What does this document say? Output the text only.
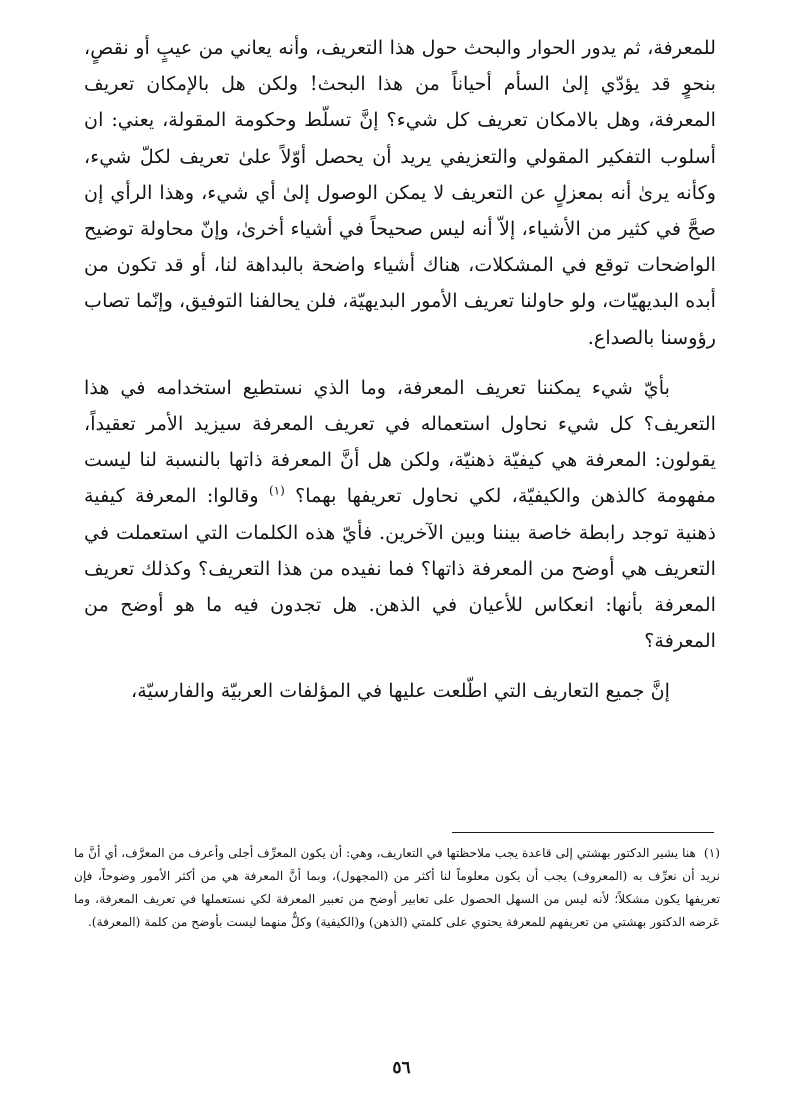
للمعرفة، ثم يدور الحوار والبحث حول هذا التعريف، وأنه يعاني من عيبٍ أو نقصٍ، بنحوٍ قد يؤدّي إلىٰ السأم أحياناً من هذا البحث! ولكن هل بالإمكان تعريف المعرفة، وهل بالامكان تعريف كل شيء؟ إنَّ تسلّط وحكومة المقولة، يعني: ان أسلوب التفكير المقولي والتعزيفي يريد أن يحصل أوّلاً علىٰ تعريف لكلّ شيء، وكأنه يرىٰ أنه بمعزلٍ عن التعريف لا يمكن الوصول إلىٰ أي شيء، وهذا الرأي إن صحَّ في كثير من الأشياء، إلاّ أنه ليس صحيحاً في أشياء أخرىٰ، وإنّ محاولة توضيح الواضحات توقع في المشكلات، هناك أشياء واضحة بالبداهة لنا، أو قد تكون من أبده البديهيّات، ولو حاولنا تعريف الأمور البديهيّة، فلن يحالفنا التوفيق، وإنّما تصاب رؤوسنا بالصداع.

بأيّ شيء يمكننا تعريف المعرفة، وما الذي نستطيع استخدامه في هذا التعريف؟ كل شيء نحاول استعماله في تعريف المعرفة سيزيد الأمر تعقيداً، يقولون: المعرفة هي كيفيّة ذهنيّة، ولكن هل أنَّ المعرفة ذاتها بالنسبة لنا ليست مفهومة كالذهن والكيفيّة، لكي نحاول تعريفها بهما؟ $^{(١)}$ وقالوا: المعرفة كيفية ذهنية توجد رابطة خاصة بيننا وبين الآخرين. فأيّ هذه الكلمات التي استعملت في التعريف هي أوضح من المعرفة ذاتها؟ فما نفيده من هذا التعريف؟ وكذلك تعريف المعرفة بأنها: انعكاس للأعيان في الذهن. هل تجدون فيه ما هو أوضح من المعرفة؟

إنَّ جميع التعاريف التي اطّلعت عليها في المؤلفات العربيّة والفارسيّة،

(١)هنا يشير الدكتور بهشتي إلى قاعدة يجب ملاحظتها في التعاريف، وهي: أن يكون المعرِّف أجلى وأعرف من المعرَّف، أي أنَّ ما نريد أن نعرِّف به (المعروف) يجب أن يكون معلوماً لنا أكثر من (المجهول)، وبما أنَّ المعرفة هي من أكثر الأمور وضوحاً، فإن تعريفها يكون مشكلاً؛ لأنه ليس من السهل الحصول على تعابير أوضح من تعبير المعرفة لكي نستعملها في تعريف المعرفة، وما عَرضه الدكتور بهشتي من تعريفهم للمعرفة يحتوي على كلمتي (الذهن) و(الكيفية) وكلٌّ منهما ليست بأوضح من كلمة (المعرفة).

٥٦
